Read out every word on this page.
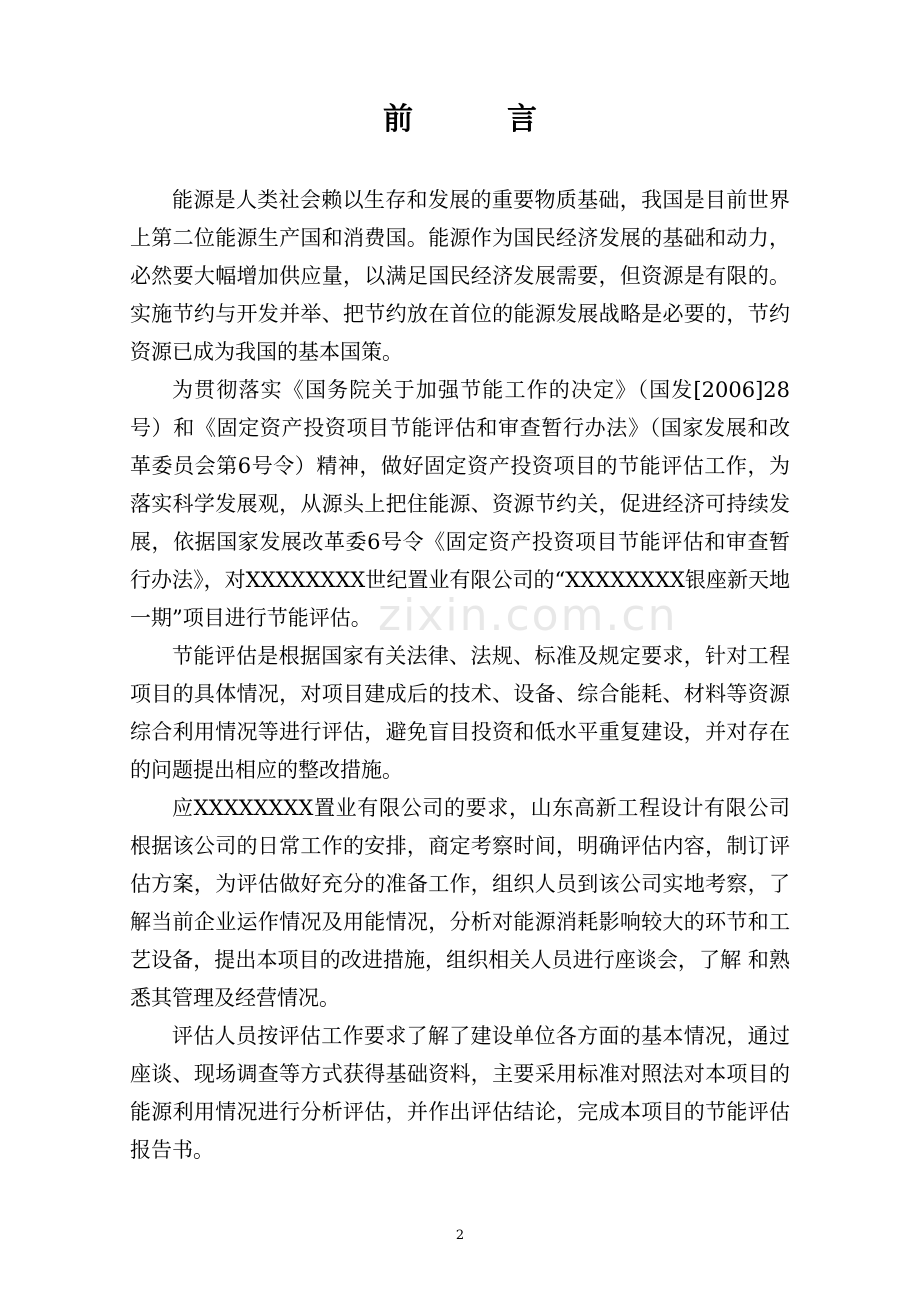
前　言

能源是人类社会赖以生存和发展的重要物质基础，我国是目前世界上第二位能源生产国和消费国。能源作为国民经济发展的基础和动力，必然要大幅增加供应量，以满足国民经济发展需要，但资源是有限的。实施节约与开发并举、把节约放在首位的能源发展战略是必要的，节约资源已成为我国的基本国策。

为贯彻落实《国务院关于加强节能工作的决定》（国发[2006]28号）和《固定资产投资项目节能评估和审查暂行办法》（国家发展和改革委员会第6号令）精神，做好固定资产投资项目的节能评估工作，为落实科学发展观，从源头上把住能源、资源节约关，促进经济可持续发展，依据国家发展改革委6号令《固定资产投资项目节能评估和审查暂行办法》，对XXXXXXXX世纪置业有限公司的“XXXXXXXX银座新天地一期”项目进行节能评估。

节能评估是根据国家有关法律、法规、标准及规定要求，针对工程项目的具体情况，对项目建成后的技术、设备、综合能耗、材料等资源综合利用情况等进行评估，避免盲目投资和低水平重复建设，并对存在的问题提出相应的整改措施。

应XXXXXXXX置业有限公司的要求，山东高新工程设计有限公司根据该公司的日常工作的安排，商定考察时间，明确评估内容，制订评估方案，为评估做好充分的准备工作，组织人员到该公司实地考察，了解当前企业运作情况及用能情况，分析对能源消耗影响较大的环节和工艺设备，提出本项目的改进措施，组织相关人员进行座谈会，了解 和熟悉其管理及经营情况。

评估人员按评估工作要求了解了建设单位各方面的基本情况，通过座谈、现场调查等方式获得基础资料，主要采用标准对照法对本项目的能源利用情况进行分析评估，并作出评估结论，完成本项目的节能评估报告书。

zixin.com.cn
2
